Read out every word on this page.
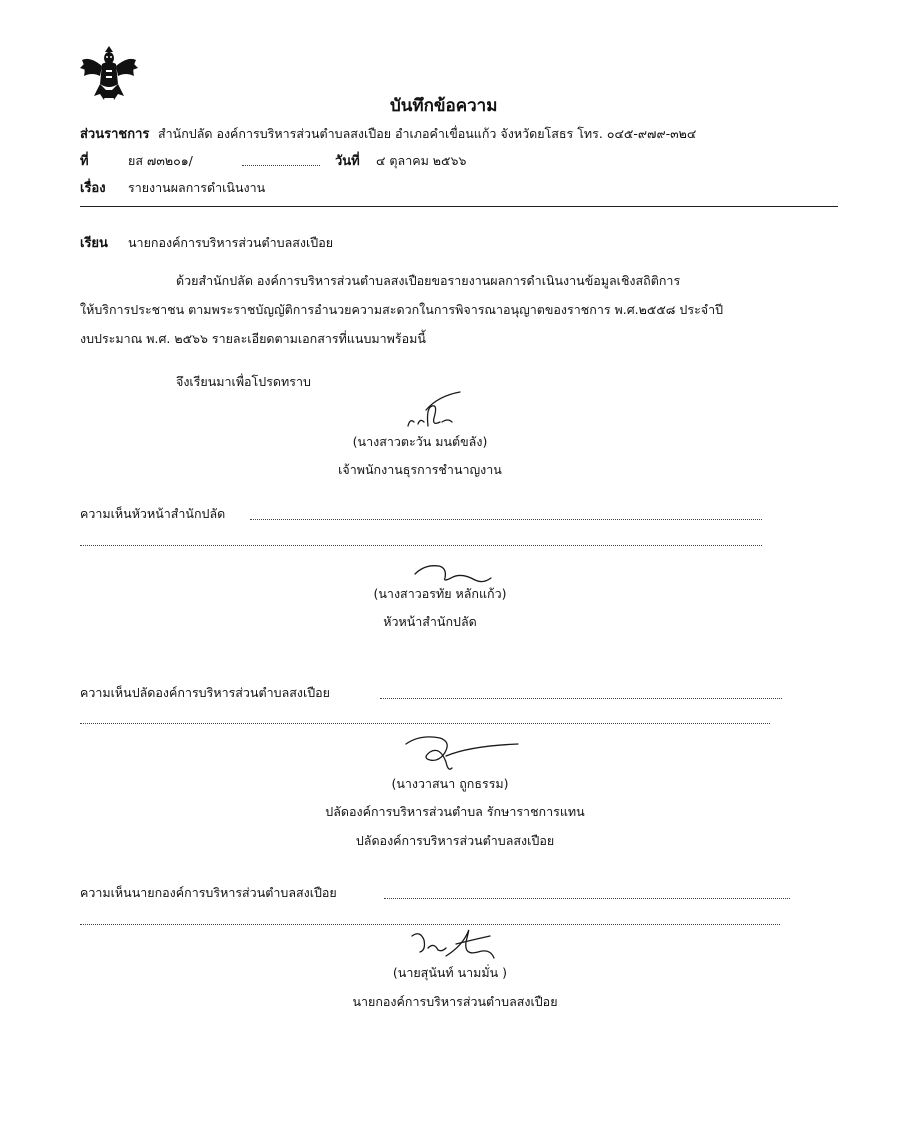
บันทึกข้อความ
ส่วนราชการ สำนักปลัด องค์การบริหารส่วนตำบลสงเปือย อำเภอคำเขื่อนแก้ว จังหวัดยโสธร โทร. ๐๔๕-๙๗๙-๓๒๔
ที่	ยส ๗๓๒๐๑/	วันที่ ๔ ตุลาคม ๒๕๖๖
เรื่อง รายงานผลการดำเนินงาน
เรียน นายกองค์การบริหารส่วนตำบลสงเปือย
ด้วยสำนักปลัด องค์การบริหารส่วนตำบลสงเปือยขอรายงานผลการดำเนินงานข้อมูลเชิงสถิติการ
ให้บริการประชาชน ตามพระราชบัญญัติการอำนวยความสะดวกในการพิจารณาอนุญาตของราชการ พ.ศ.๒๕๕๘ ประจำปี
งบประมาณ พ.ศ. ๒๕๖๖ รายละเอียดตามเอกสารที่แนบมาพร้อมนี้
จึงเรียนมาเพื่อโปรดทราบ
(นางสาวตะวัน มนต์ขลัง)
เจ้าพนักงานธุรการชำนาญงาน
ความเห็นหัวหน้าสำนักปลัด
(นางสาวอรทัย หลักแก้ว)
หัวหน้าสำนักปลัด
ความเห็นปลัดองค์การบริหารส่วนตำบลสงเปือย
(นางวาสนา ถูกธรรม)
ปลัดองค์การบริหารส่วนตำบล รักษาราชการแทน
ปลัดองค์การบริหารส่วนตำบลสงเปือย
ความเห็นนายกองค์การบริหารส่วนตำบลสงเปือย
(นายสุนันท์ นามมั่น )
นายกองค์การบริหารส่วนตำบลสงเปือย
